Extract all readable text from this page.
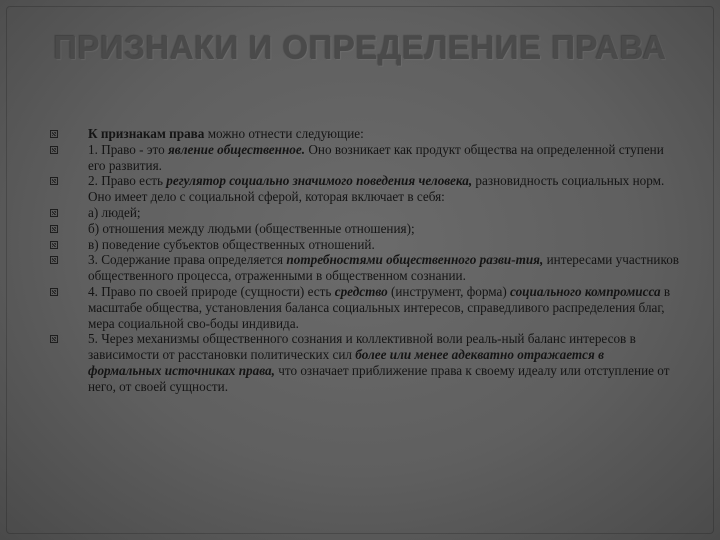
ПРИЗНАКИ И ОПРЕДЕЛЕНИЕ ПРАВА
К признакам права можно отнести следующие:
1. Право - это явление общественное. Оно возникает как продукт общества на определенной ступени его развития.
2. Право есть регулятор социально значимого поведения человека, разновидность социальных норм. Оно имеет дело с социальной сферой, которая включает в себя:
а) людей;
б) отношения между людьми (общественные отношения);
в) поведение субъектов общественных отношений.
3. Содержание права определяется потребностями общественного разви-тия, интересами участников общественного процесса, отраженными в общественном сознании.
4. Право по своей природе (сущности) есть средство (инструмент, форма) социального компромисса в масштабе общества, установления баланса социальных интересов, справедливого распределения благ, мера социальной сво-боды индивида.
5. Через механизмы общественного сознания и коллективной воли реаль-ный баланс интересов в зависимости от расстановки политических сил более или менее адекватно отражается в формальных источниках права, что означает приближение права к своему идеалу или отступление от него, от своей сущности.
